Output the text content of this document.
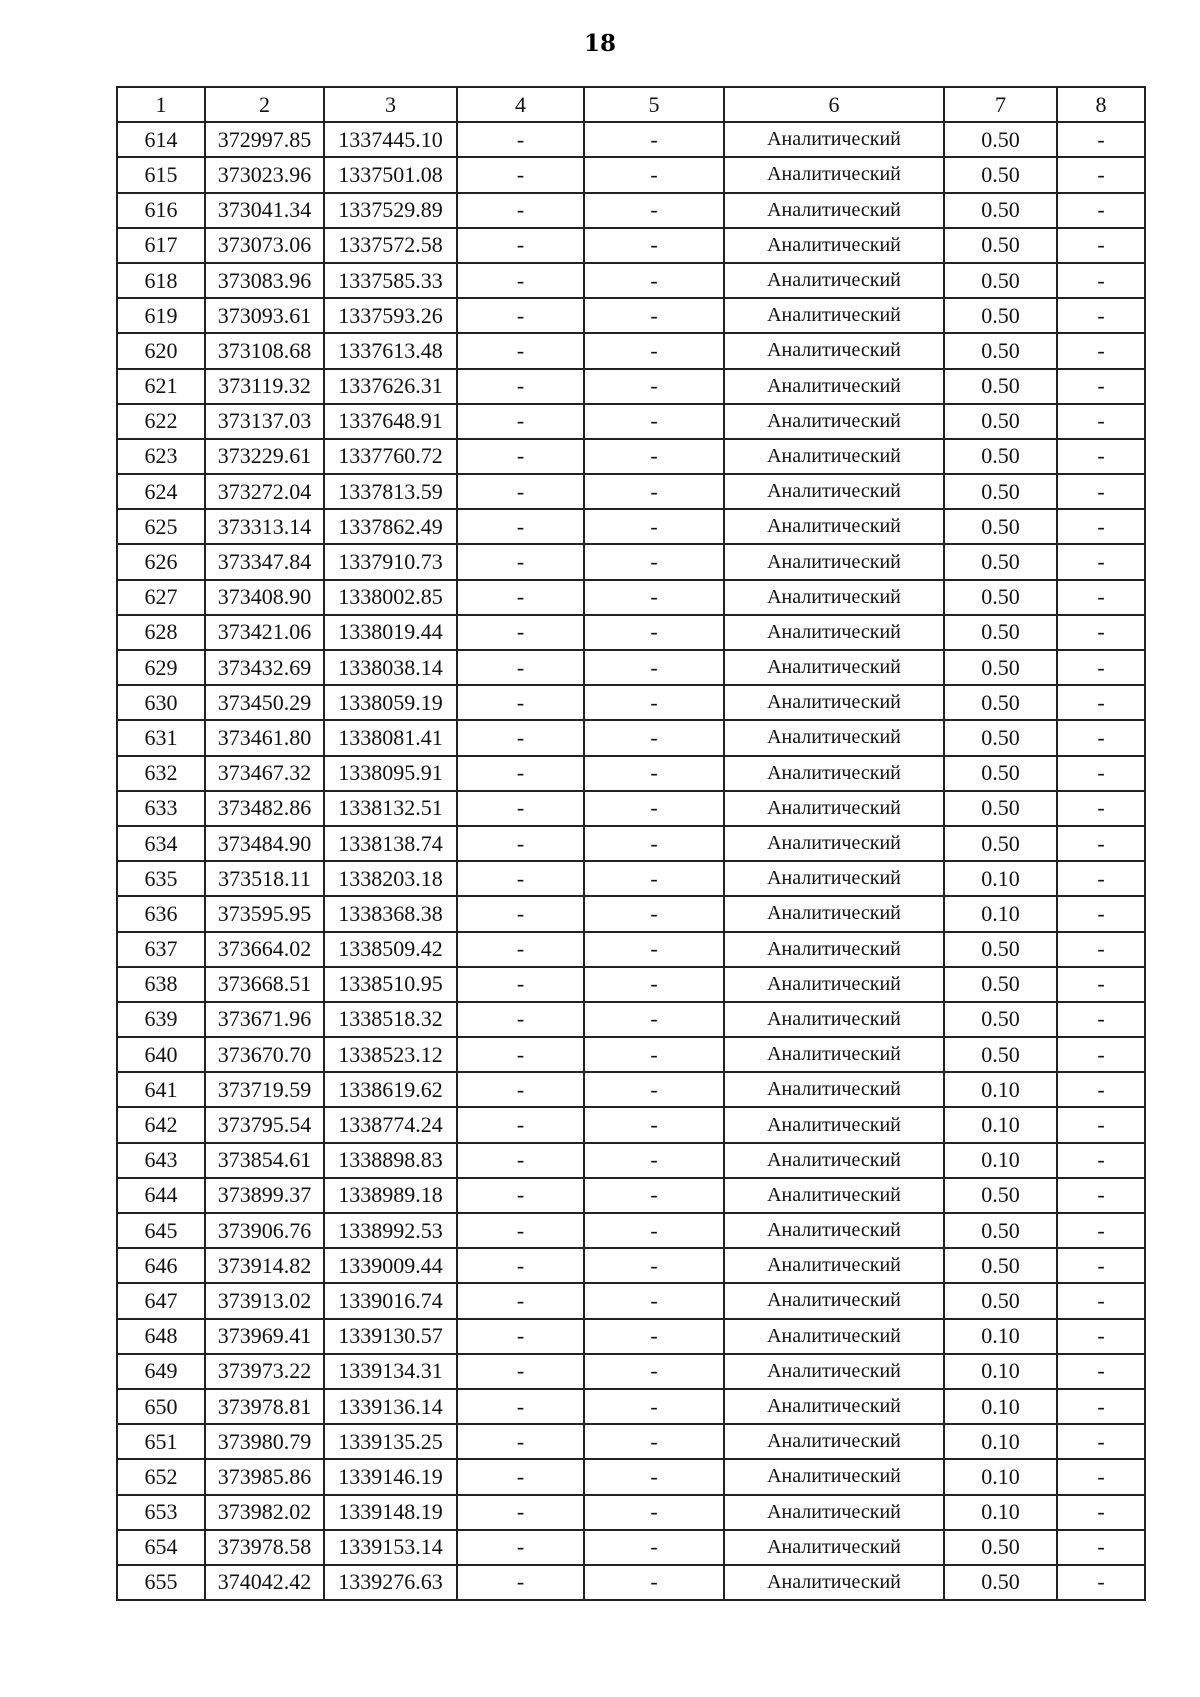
18
1	2	3	4	5	6	7	8
614	372997.85	1337445.10	-	-	Аналитический	0.50	-
615	373023.96	1337501.08	-	-	Аналитический	0.50	-
616	373041.34	1337529.89	-	-	Аналитический	0.50	-
617	373073.06	1337572.58	-	-	Аналитический	0.50	-
618	373083.96	1337585.33	-	-	Аналитический	0.50	-
619	373093.61	1337593.26	-	-	Аналитический	0.50	-
620	373108.68	1337613.48	-	-	Аналитический	0.50	-
621	373119.32	1337626.31	-	-	Аналитический	0.50	-
622	373137.03	1337648.91	-	-	Аналитический	0.50	-
623	373229.61	1337760.72	-	-	Аналитический	0.50	-
624	373272.04	1337813.59	-	-	Аналитический	0.50	-
625	373313.14	1337862.49	-	-	Аналитический	0.50	-
626	373347.84	1337910.73	-	-	Аналитический	0.50	-
627	373408.90	1338002.85	-	-	Аналитический	0.50	-
628	373421.06	1338019.44	-	-	Аналитический	0.50	-
629	373432.69	1338038.14	-	-	Аналитический	0.50	-
630	373450.29	1338059.19	-	-	Аналитический	0.50	-
631	373461.80	1338081.41	-	-	Аналитический	0.50	-
632	373467.32	1338095.91	-	-	Аналитический	0.50	-
633	373482.86	1338132.51	-	-	Аналитический	0.50	-
634	373484.90	1338138.74	-	-	Аналитический	0.50	-
635	373518.11	1338203.18	-	-	Аналитический	0.10	-
636	373595.95	1338368.38	-	-	Аналитический	0.10	-
637	373664.02	1338509.42	-	-	Аналитический	0.50	-
638	373668.51	1338510.95	-	-	Аналитический	0.50	-
639	373671.96	1338518.32	-	-	Аналитический	0.50	-
640	373670.70	1338523.12	-	-	Аналитический	0.50	-
641	373719.59	1338619.62	-	-	Аналитический	0.10	-
642	373795.54	1338774.24	-	-	Аналитический	0.10	-
643	373854.61	1338898.83	-	-	Аналитический	0.10	-
644	373899.37	1338989.18	-	-	Аналитический	0.50	-
645	373906.76	1338992.53	-	-	Аналитический	0.50	-
646	373914.82	1339009.44	-	-	Аналитический	0.50	-
647	373913.02	1339016.74	-	-	Аналитический	0.50	-
648	373969.41	1339130.57	-	-	Аналитический	0.10	-
649	373973.22	1339134.31	-	-	Аналитический	0.10	-
650	373978.81	1339136.14	-	-	Аналитический	0.10	-
651	373980.79	1339135.25	-	-	Аналитический	0.10	-
652	373985.86	1339146.19	-	-	Аналитический	0.10	-
653	373982.02	1339148.19	-	-	Аналитический	0.10	-
654	373978.58	1339153.14	-	-	Аналитический	0.50	-
655	374042.42	1339276.63	-	-	Аналитический	0.50	-
